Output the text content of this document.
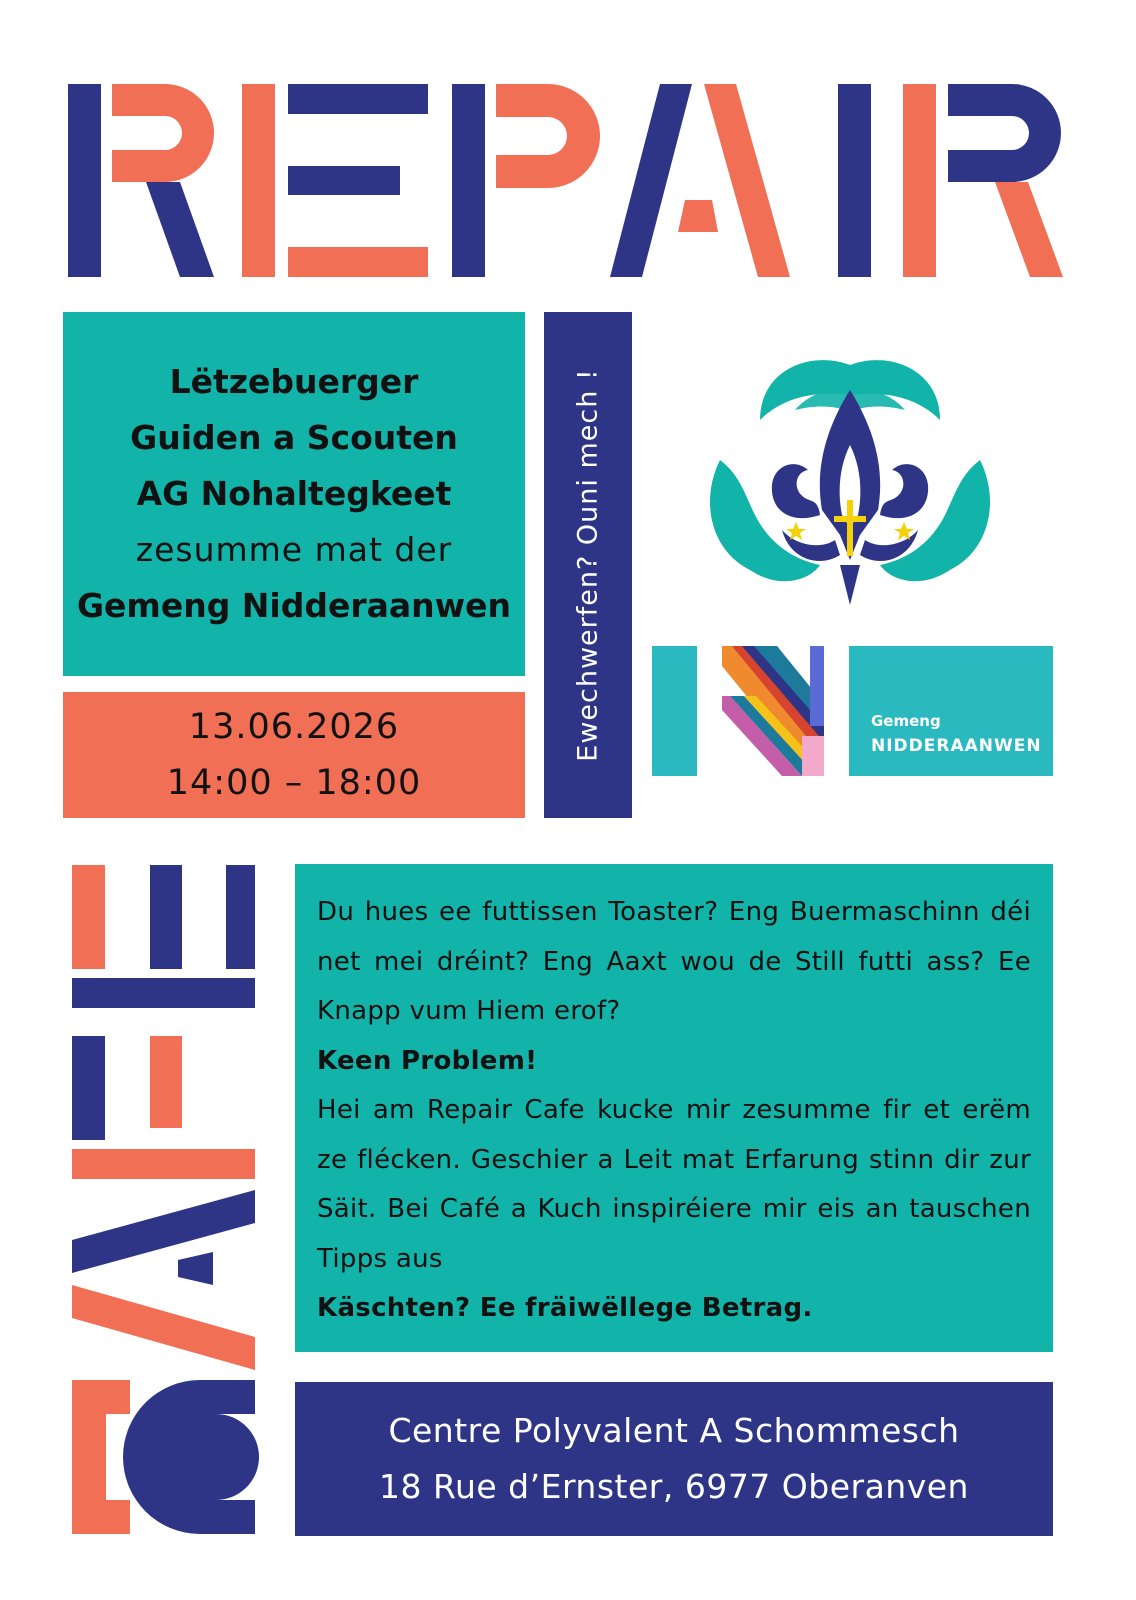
Lëtzebuerger
Guiden a Scouten
AG Nohaltegkeet
zesumme mat der
Gemeng Nidderaanwen
13.06.2026
14:00 – 18:00
Ewechwerfen? Ouni mech !	Gemeng
NIDDERAANWEN

Du hues ee futtissen Toaster? Eng Buermaschinn déi net mei dréint? Eng Aaxt wou de Still futti ass? Ee Knapp vum Hiem erof?

Keen Problem!

Hei am Repair Cafe kucke mir zesumme fir et erëm ze flécken. Geschier a Leit mat Erfarung stinn dir zur Säit. Bei Café a Kuch inspiréiere mir eis an tauschen Tipps aus

Käschten? Ee fräiwëllege Betrag.

Centre Polyvalent A Schommesch
18 Rue d’Ernster, 6977 Oberanven
